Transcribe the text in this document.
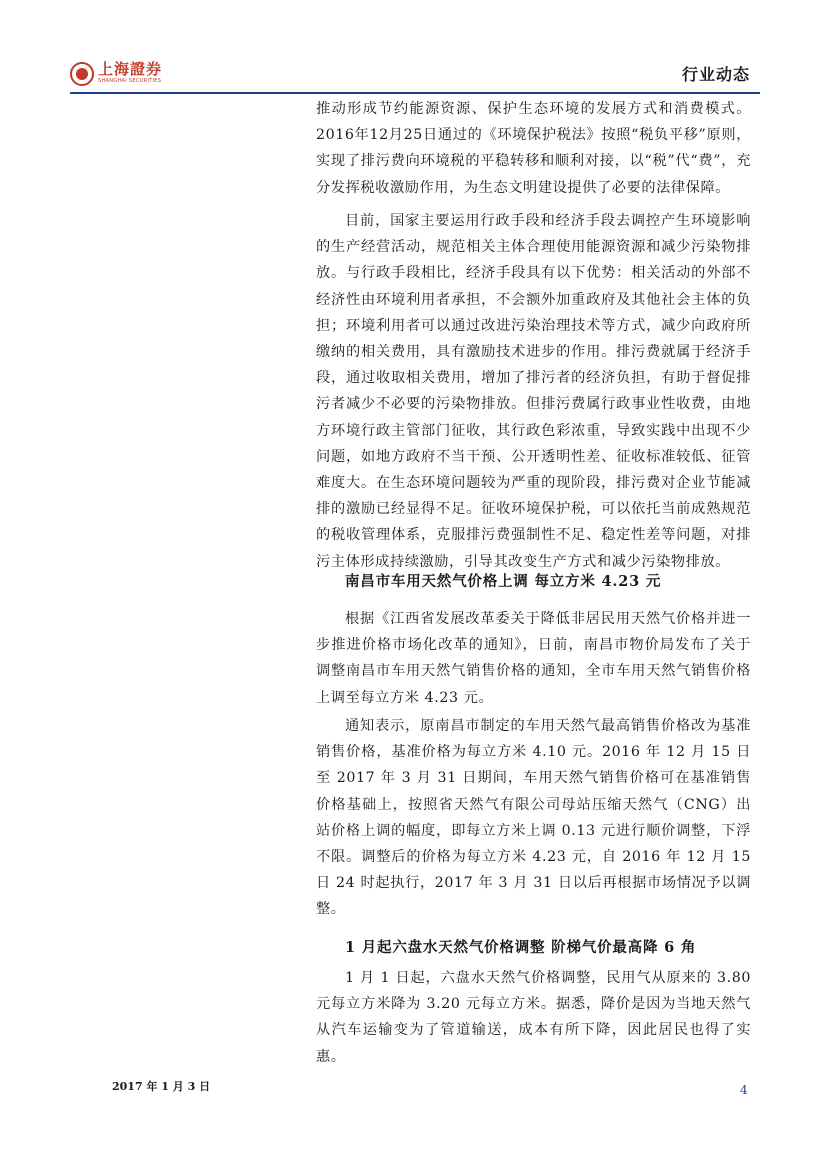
上海證券
SHANGHAI SECURITIES	行业动态

推动形成节约能源资源、保护生态环境的发展方式和消费模式。2016年12月25日通过的《环境保护税法》按照“税负平移”原则，实现了排污费向环境税的平稳转移和顺利对接，以“税”代“费”，充分发挥税收激励作用，为生态文明建设提供了必要的法律保障。

目前，国家主要运用行政手段和经济手段去调控产生环境影响的生产经营活动，规范相关主体合理使用能源资源和减少污染物排放。与行政手段相比，经济手段具有以下优势：相关活动的外部不经济性由环境利用者承担，不会额外加重政府及其他社会主体的负担；环境利用者可以通过改进污染治理技术等方式，减少向政府所缴纳的相关费用，具有激励技术进步的作用。排污费就属于经济手段，通过收取相关费用，增加了排污者的经济负担，有助于督促排污者减少不必要的污染物排放。但排污费属行政事业性收费，由地方环境行政主管部门征收，其行政色彩浓重，导致实践中出现不少问题，如地方政府不当干预、公开透明性差、征收标准较低、征管难度大。在生态环境问题较为严重的现阶段，排污费对企业节能减排的激励已经显得不足。征收环境保护税，可以依托当前成熟规范的税收管理体系，克服排污费强制性不足、稳定性差等问题，对排污主体形成持续激励，引导其改变生产方式和减少污染物排放。

南昌市车用天然气价格上调 每立方米 4.23 元

根据《江西省发展改革委关于降低非居民用天然气价格并进一步推进价格市场化改革的通知》，日前，南昌市物价局发布了关于调整南昌市车用天然气销售价格的通知，全市车用天然气销售价格上调至每立方米 4.23 元。

通知表示，原南昌市制定的车用天然气最高销售价格改为基准销售价格，基准价格为每立方米 4.10 元。2016 年 12 月 15 日至 2017 年 3 月 31 日期间，车用天然气销售价格可在基准销售价格基础上，按照省天然气有限公司母站压缩天然气（CNG）出站价格上调的幅度，即每立方米上调 0.13 元进行顺价调整，下浮不限。调整后的价格为每立方米 4.23 元，自 2016 年 12 月 15 日 24 时起执行，2017 年 3 月 31 日以后再根据市场情况予以调整。

1 月起六盘水天然气价格调整 阶梯气价最高降 6 角

1 月 1 日起，六盘水天然气价格调整，民用气从原来的 3.80 元每立方米降为 3.20 元每立方米。据悉，降价是因为当地天然气从汽车运输变为了管道输送，成本有所下降，因此居民也得了实惠。

2017 年 1 月 3 日	4
